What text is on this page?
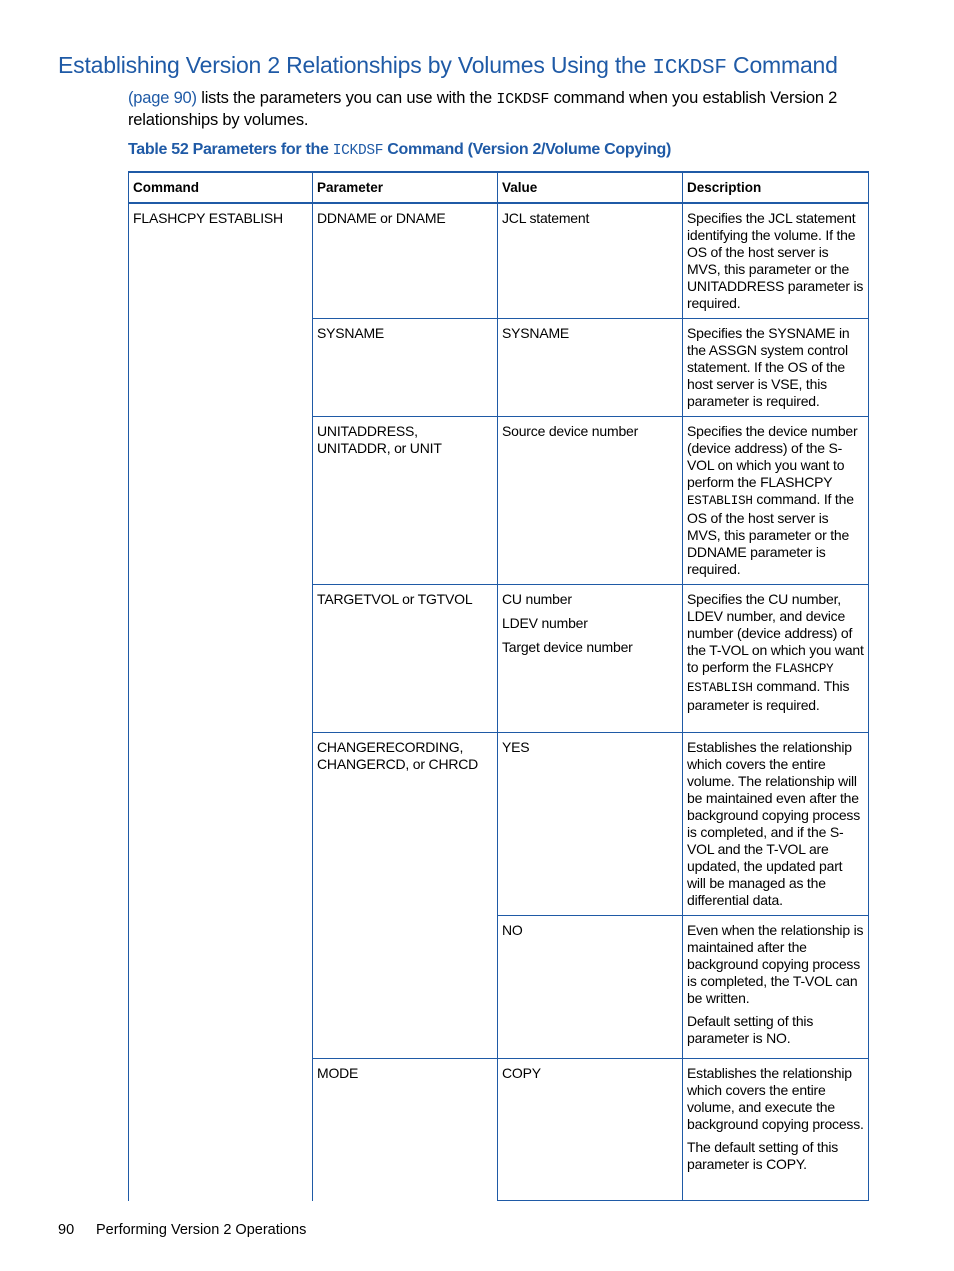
Establishing Version 2 Relationships by Volumes Using the ICKDSF Command

(page 90) lists the parameters you can use with the ICKDSF command when you establish Version 2 relationships by volumes.

Table 52 Parameters for the ICKDSF Command (Version 2/Volume Copying)

Command	Parameter	Value	Description
FLASHCPY ESTABLISH	DDNAME or DNAME	JCL statement	Specifies the JCL statement identifying the volume. If the OS of the host server is MVS, this parameter or the UNITADDRESS parameter is required.
	SYSNAME	SYSNAME	Specifies the SYSNAME in the ASSGN system control statement. If the OS of the host server is VSE, this parameter is required.
	UNITADDRESS, UNITADDR, or UNIT	Source device number	Specifies the device number (device address) of the S-VOL on which you want to perform the FLASHCPY ESTABLISH command. If the OS of the host server is MVS, this parameter or the DDNAME parameter is required.
	TARGETVOL or TGTVOL	CU number
LDEV number
Target device number	Specifies the CU number, LDEV number, and device number (device address) of the T-VOL on which you want to perform the FLASHCPY ESTABLISH command. This parameter is required.
	CHANGERECORDING, CHANGERCD, or CHRCD	YES	Establishes the relationship which covers the entire volume. The relationship will be maintained even after the background copying process is completed, and if the S-VOL and the T-VOL are updated, the updated part will be managed as the differential data.
		NO	Even when the relationship is maintained after the background copying process is completed, the T-VOL can be written.
Default setting of this parameter is NO.

	MODE	COPY	Establishes the relationship which covers the entire volume, and execute the background copying process.
The default setting of this parameter is COPY.
90 Performing Version 2 Operations
